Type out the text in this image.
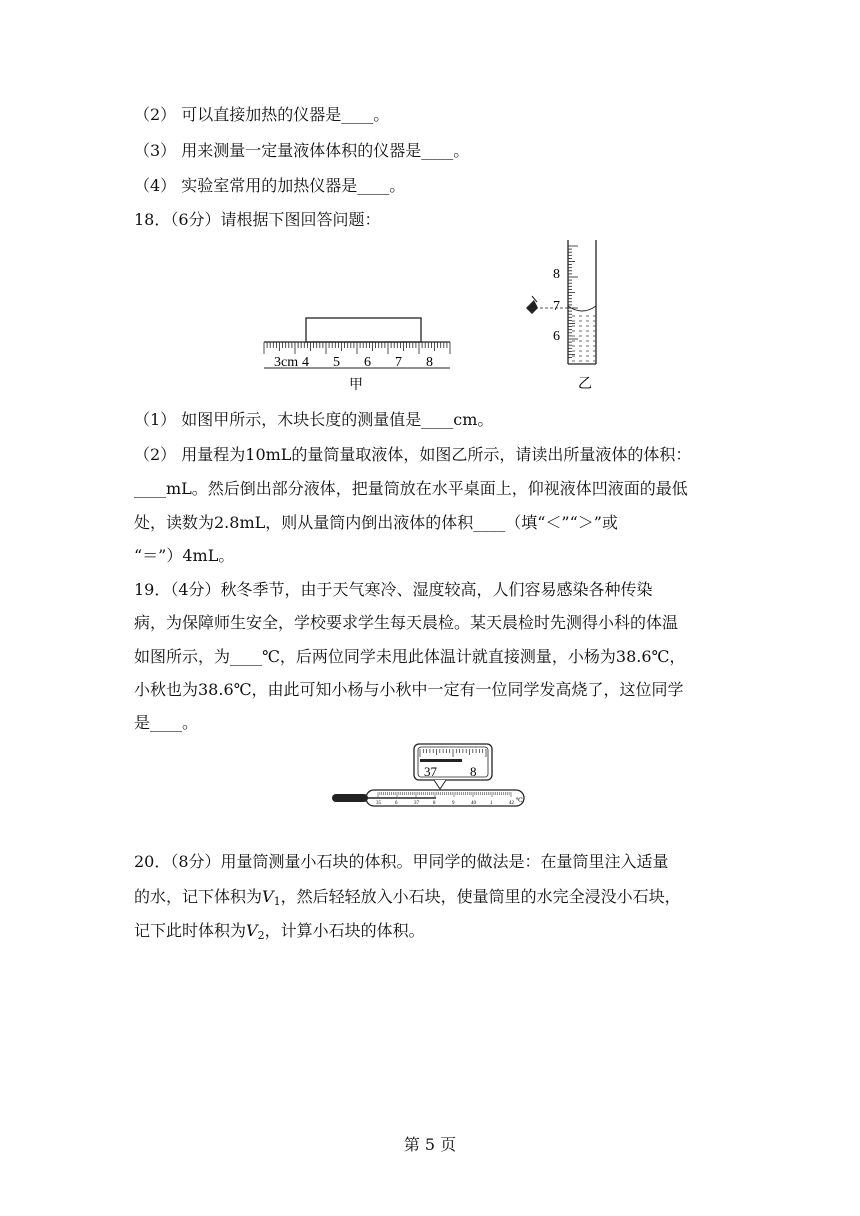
（2） 可以直接加热的仪器是____。
（3） 用来测量一定量液体体积的仪器是____。
（4） 实验室常用的加热仪器是____。
18．（6分）请根据下图回答问题：
3cm 4 5 6 7 8
甲
8
7
6
乙
（1） 如图甲所示，木块长度的测量值是____cm。
（2） 用量程为10mL的量筒量取液体，如图乙所示，请读出所量液体的体积：
____mL。然后倒出部分液体，把量筒放在水平桌面上，仰视液体凹液面的最低
处，读数为2.8mL，则从量筒内倒出液体的体积____（填“＜”“＞”或
“＝”）4mL。
19．（4分）秋冬季节，由于天气寒冷、湿度较高，人们容易感染各种传染
病，为保障师生安全，学校要求学生每天晨检。某天晨检时先测得小科的体温
如图所示，为____℃，后两位同学未甩此体温计就直接测量，小杨为38.6℃，
小秋也为38.6℃，由此可知小杨与小秋中一定有一位同学发高烧了，这位同学
是____。
37	8
35	6	37	8	9	40	1	42 ℃
20．（8分）用量筒测量小石块的体积。甲同学的做法是：在量筒里注入适量
的水，记下体积为$V_1$，然后轻轻放入小石块，使量筒里的水完全浸没小石块，
记下此时体积为$V_2$，计算小石块的体积。
第 5 页
